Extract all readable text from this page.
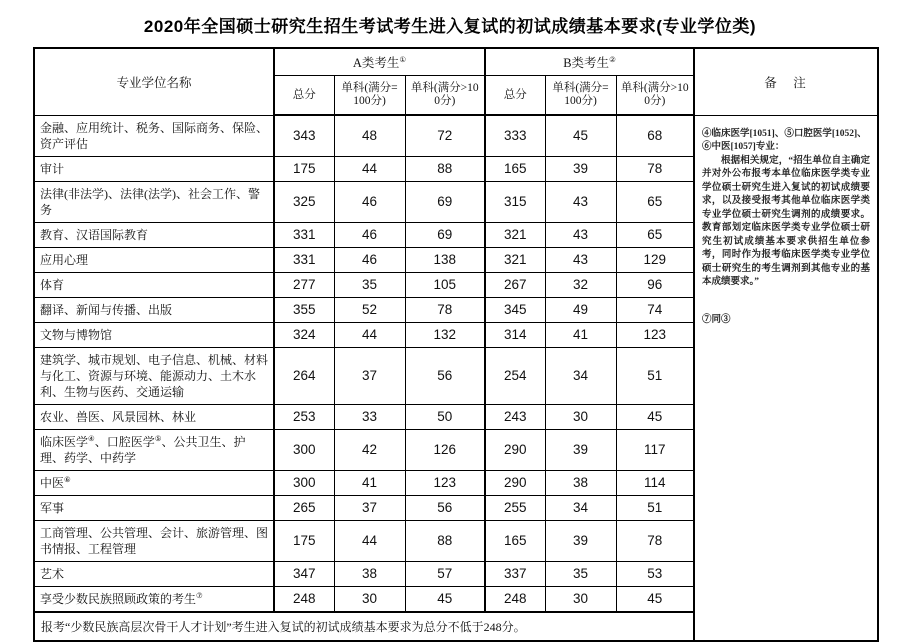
2020年全国硕士研究生招生考试考生进入复试的初试成绩基本要求(专业学位类)
专业学位名称	A类考生①			B类考生②			备　注
	总分	单科(满分=100分)	单科(满分>100分)	总分	单科(满分=100分)	单科(满分>100分)	
金融、应用统计、税务、国际商务、保险、资产评估	343	48	72	333	45	68	④临床医学[1051]、⑤口腔医学[1052]、⑥中医[1057]专业：

根据相关规定，“招生单位自主确定并对外公布报考本单位临床医学类专业学位硕士研究生进入复试的初试成绩要求，以及接受报考其他单位临床医学类专业学位硕士研究生调剂的成绩要求。教育部划定临床医学类专业学位硕士研究生初试成绩基本要求供招生单位参考，同时作为报考临床医学类专业学位硕士研究生的考生调剂到其他专业的基本成绩要求。”

⑦同③

审计	175	44	88	165	39	78	
法律(非法学)、法律(法学)、社会工作、警务	325	46	69	315	43	65	
教育、汉语国际教育	331	46	69	321	43	65	
应用心理	331	46	138	321	43	129	
体育	277	35	105	267	32	96	
翻译、新闻与传播、出版	355	52	78	345	49	74	
文物与博物馆	324	44	132	314	41	123	
建筑学、城市规划、电子信息、机械、材料与化工、资源与环境、能源动力、土木水利、生物与医药、交通运输	264	37	56	254	34	51	
农业、兽医、风景园林、林业	253	33	50	243	30	45	
临床医学④、口腔医学⑤、公共卫生、护理、药学、中药学	300	42	126	290	39	117	
中医⑥	300	41	123	290	38	114	
军事	265	37	56	255	34	51	
工商管理、公共管理、会计、旅游管理、图书情报、工程管理	175	44	88	165	39	78	
艺术	347	38	57	337	35	53	
享受少数民族照顾政策的考生⑦	248	30	45	248	30	45	
报考“少数民族高层次骨干人才计划”考生进入复试的初试成绩基本要求为总分不低于248分。							
